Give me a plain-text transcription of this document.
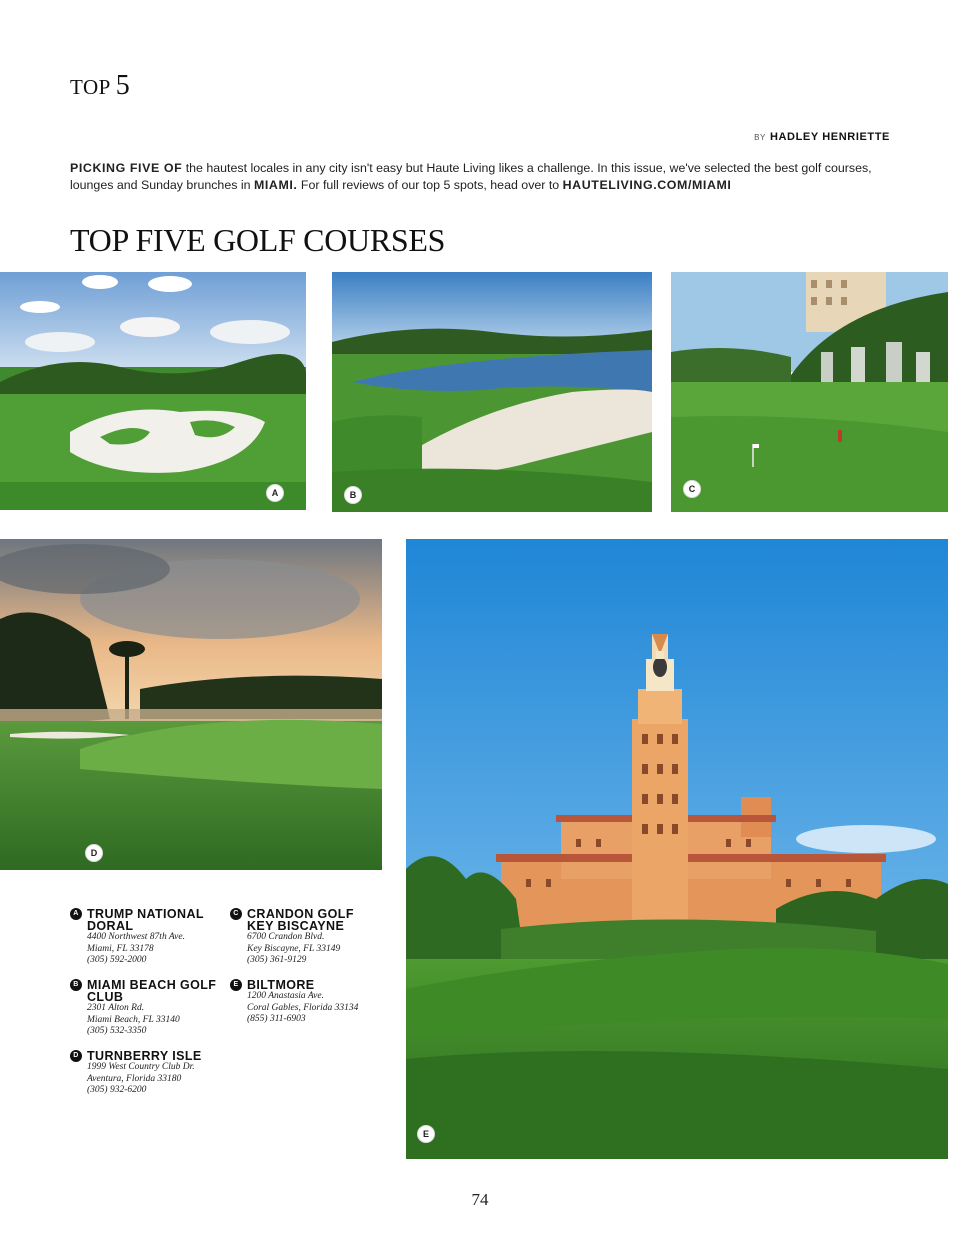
TOP 5
BY HADLEY HENRIETTE
PICKING FIVE OF the hautest locales in any city isn't easy but Haute Living likes a challenge. In this issue, we've selected the best golf courses, lounges and Sunday brunches in MIAMI. For full reviews of our top 5 spots, head over to HAUTELIVING.COM/MIAMI
TOP FIVE GOLF COURSES
A	B
C
D
E
A TRUMP NATIONAL DORAL
4400 Northwest 87th Ave.
Miami, FL 33178
(305) 592-2000
B MIAMI BEACH GOLF CLUB
2301 Alton Rd.
Miami Beach, FL 33140
(305) 532-3350
D TURNBERRY ISLE
1999 West Country Club Dr.
Aventura, Florida 33180
(305) 932-6200
C CRANDON GOLF KEY BISCAYNE
6700 Crandon Blvd.
Key Biscayne, FL 33149
(305) 361-9129
E BILTMORE
1200 Anastasia Ave.
Coral Gables, Florida 33134
(855) 311-6903
74
